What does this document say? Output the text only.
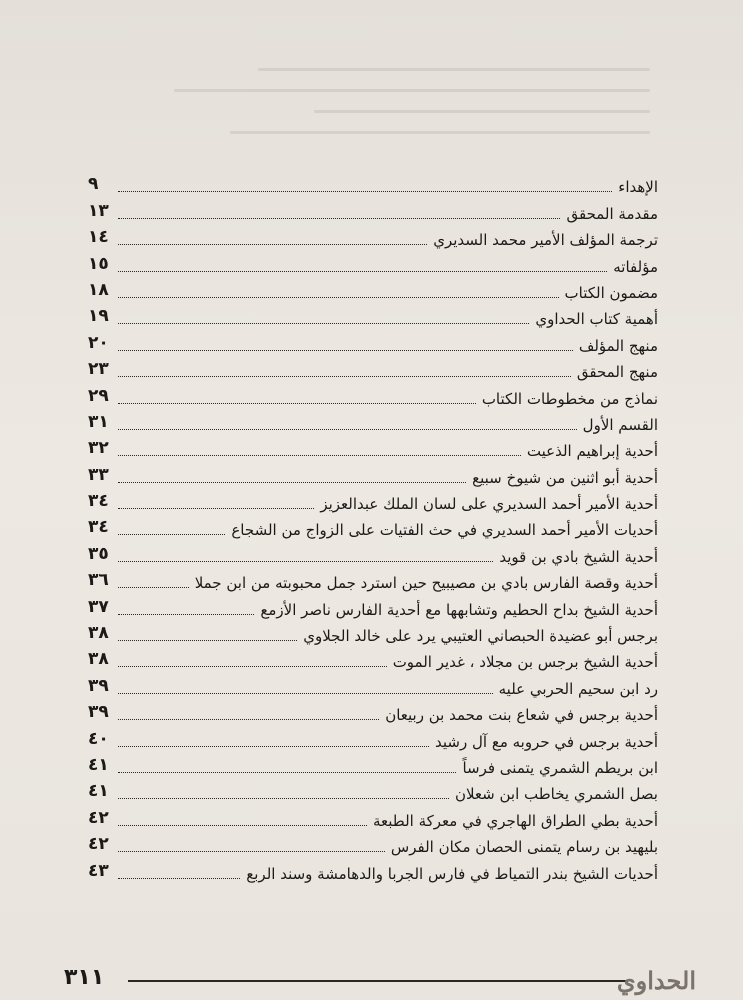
الإهداء
٩
مقدمة المحقق
١٣
ترجمة المؤلف الأمير محمد السديري
١٤
مؤلفاته
١٥
مضمون الكتاب
١٨
أهمية كتاب الحداوي
١٩
منهج المؤلف
٢٠
منهج المحقق
٢٣
نماذج من مخطوطات الكتاب
٢٩
القسم الأول
٣١
أحدية إبراهيم الذعيت
٣٢
أحدية أبو اثنين من شيوخ سبيع
٣٣
أحدية الأمير أحمد السديري على لسان الملك عبدالعزيز
٣٤
أحديات الأمير أحمد السديري في حث الفتيات على الزواج من الشجاع
٣٤
أحدية الشيخ بادي بن قويد
٣٥
أحدية وقصة الفارس بادي بن مصيبيح حين استرد جمل محبوبته من ابن جملا
٣٦
أحدية الشيخ بداح الحطيم وتشابهها مع أحدية الفارس ناصر الأزمع
٣٧
برجس أبو عضيدة الحبصاني العتيبي يرد على خالد الجلاوي
٣٨
أحدية الشيخ برجس بن مجلاد ، غدير الموت
٣٨
رد ابن سحيم الحربي عليه
٣٩
أحدية برجس في شعاع بنت محمد بن ربيعان
٣٩
أحدية برجس في حروبه مع آل رشيد
٤٠
ابن بريطم الشمري يتمنى فرساً
٤١
بصل الشمري يخاطب ابن شعلان
٤١
أحدية بطي الطراق الهاجري في معركة الطبعة
٤٢
بليهيد بن رسام يتمنى الحصان مكان الفرس
٤٢
أحديات الشيخ بندر التمياط في فارس الجربا والدهامشة وسند الربع
٤٣
٣١١	الحداوي
